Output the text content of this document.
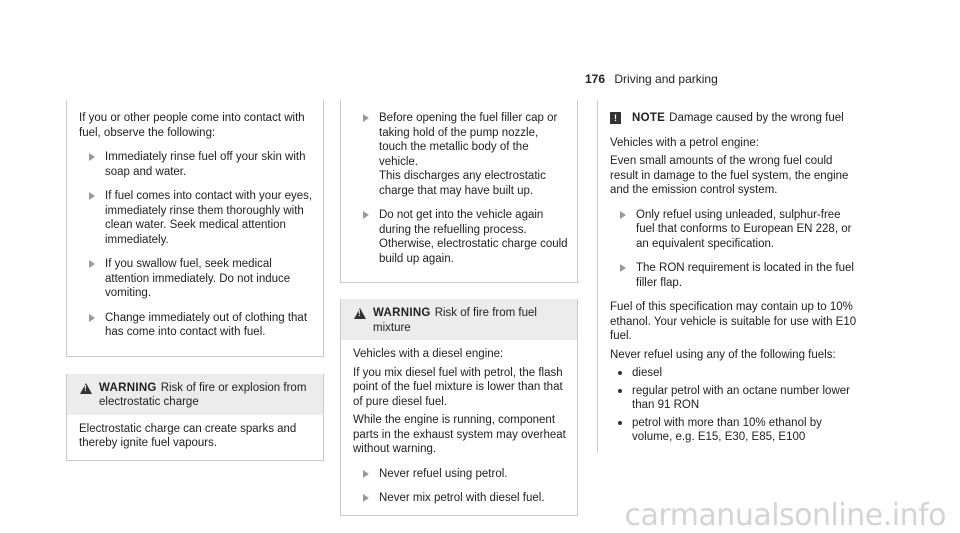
176 Driving and parking

If you or other people come into contact with fuel, observe the following:

Immediately rinse fuel off your skin with soap and water.

If fuel comes into contact with your eyes, immediately rinse them thoroughly with clean water. Seek medical attention immediately.

If you swallow fuel, seek medical attention immediately. Do not induce vomiting.

Change immediately out of clothing that has come into contact with fuel.

!
WARNING Risk of fire or explosion from electrostatic charge
Electrostatic charge can create sparks and thereby ignite fuel vapours.

Before opening the fuel filler cap or taking hold of the pump nozzle, touch the metallic body of the vehicle.
This discharges any electrostatic charge that may have built up.

Do not get into the vehicle again during the refuelling process.
Otherwise, electrostatic charge could build up again.

!
WARNING Risk of fire from fuel mixture

Vehicles with a diesel engine:

If you mix diesel fuel with petrol, the flash point of the fuel mixture is lower than that of pure diesel fuel.

While the engine is running, component parts in the exhaust system may overheat without warning.

Never refuel using petrol.

Never mix petrol with diesel fuel.

!	NOTE Damage caused by the wrong fuel

Vehicles with a petrol engine:

Even small amounts of the wrong fuel could result in damage to the fuel system, the engine and the emission control system.

Only refuel using unleaded, sulphur-free fuel that conforms to European EN 228, or an equivalent specification.

The RON requirement is located in the fuel filler flap.

Fuel of this specification may contain up to 10% ethanol. Your vehicle is suitable for use with E10 fuel.

Never refuel using any of the following fuels:

diesel

regular petrol with an octane number lower than 91 RON

petrol with more than 10% ethanol by volume, e.g. E15, E30, E85, E100

carmanualsonline.info
